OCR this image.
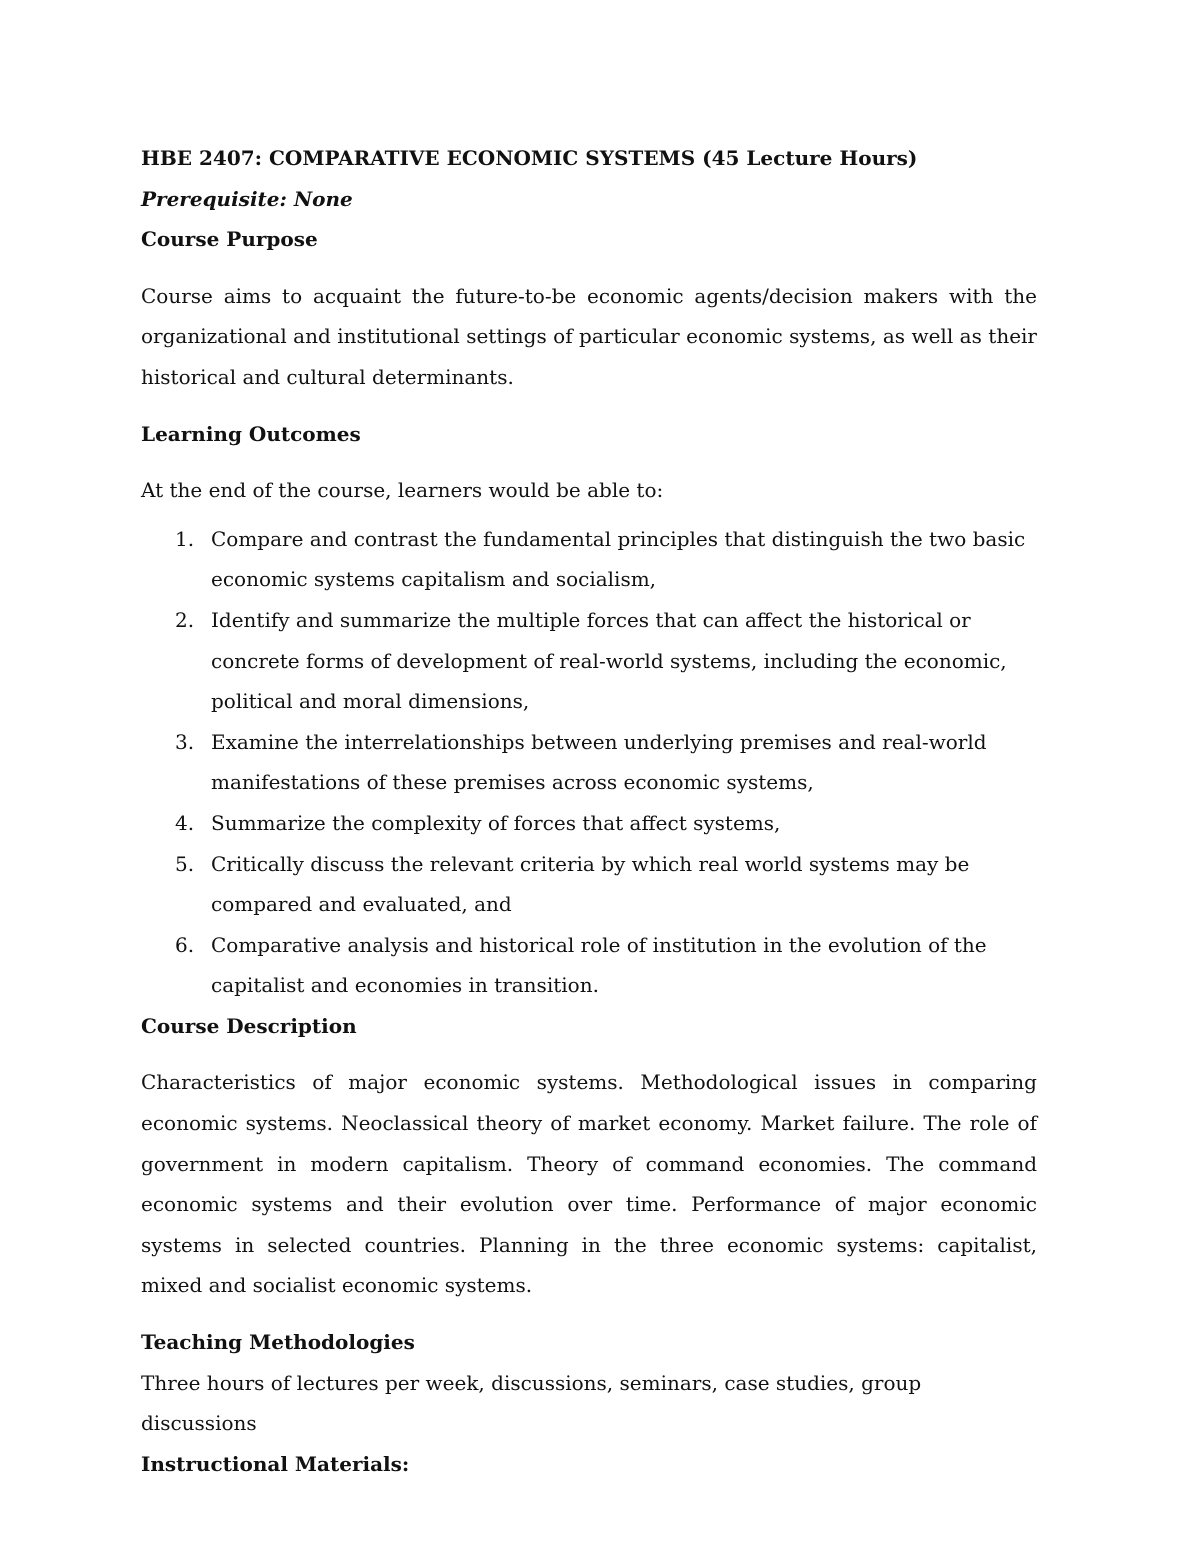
HBE 2407: COMPARATIVE ECONOMIC SYSTEMS (45 Lecture Hours)

Prerequisite: None

Course Purpose

Course aims to acquaint the future-to-be economic agents/decision makers with the organizational and institutional settings of particular economic systems, as well as their historical and cultural determinants.

Learning Outcomes

At the end of the course, learners would be able to:

1. Compare and contrast the fundamental principles that distinguish the two basic economic systems capitalism and socialism,
2. Identify and summarize the multiple forces that can affect the historical or concrete forms of development of real-world systems, including the economic, political and moral dimensions,
3. Examine the interrelationships between underlying premises and real-world manifestations of these premises across economic systems,
4. Summarize the complexity of forces that affect systems,
5. Critically discuss the relevant criteria by which real world systems may be compared and evaluated, and
6. Comparative analysis and historical role of institution in the evolution of the capitalist and economies in transition.

Course Description

Characteristics of major economic systems. Methodological issues in comparing economic systems. Neoclassical theory of market economy. Market failure. The role of government in modern capitalism. Theory of command economies. The command economic systems and their evolution over time. Performance of major economic systems in selected countries. Planning in the three economic systems: capitalist, mixed and socialist economic systems.

Teaching Methodologies

Three hours of lectures per week, discussions, seminars, case studies, group discussions

Instructional Materials:
